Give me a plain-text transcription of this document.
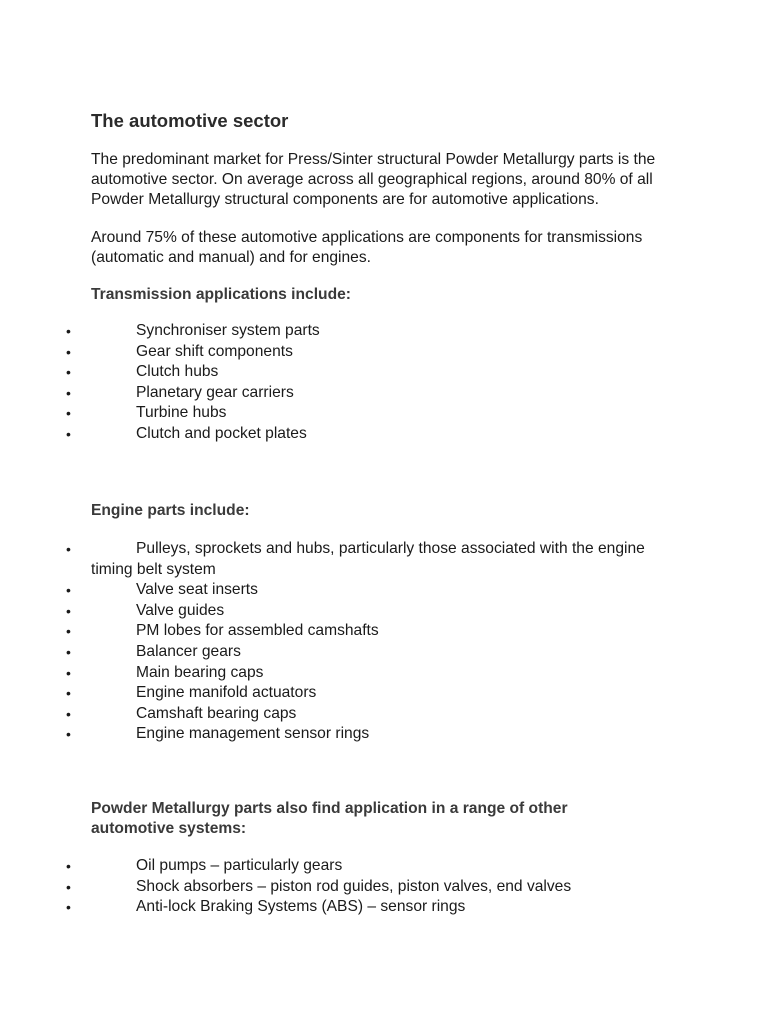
The automotive sector

The predominant market for Press/Sinter structural Powder Metallurgy parts is the automotive sector. On average across all geographical regions, around 80% of all Powder Metallurgy structural components are for automotive applications.

Around 75% of these automotive applications are components for transmissions (automatic and manual) and for engines.

Transmission applications include:

•	Synchroniser system parts
•	Gear shift components
•	Clutch hubs
•	Planetary gear carriers
•	Turbine hubs
•	Clutch and pocket plates

Engine parts include:

•	Pulleys, sprockets and hubs, particularly those associated with the engine
timing belt system
•	Valve seat inserts
•	Valve guides
•	PM lobes for assembled camshafts
•	Balancer gears
•	Main bearing caps
•	Engine manifold actuators
•	Camshaft bearing caps
•	Engine management sensor rings

Powder Metallurgy parts also find application in a range of other automotive systems:

•	Oil pumps – particularly gears
•	Shock absorbers – piston rod guides, piston valves, end valves
•	Anti-lock Braking Systems (ABS) – sensor rings
